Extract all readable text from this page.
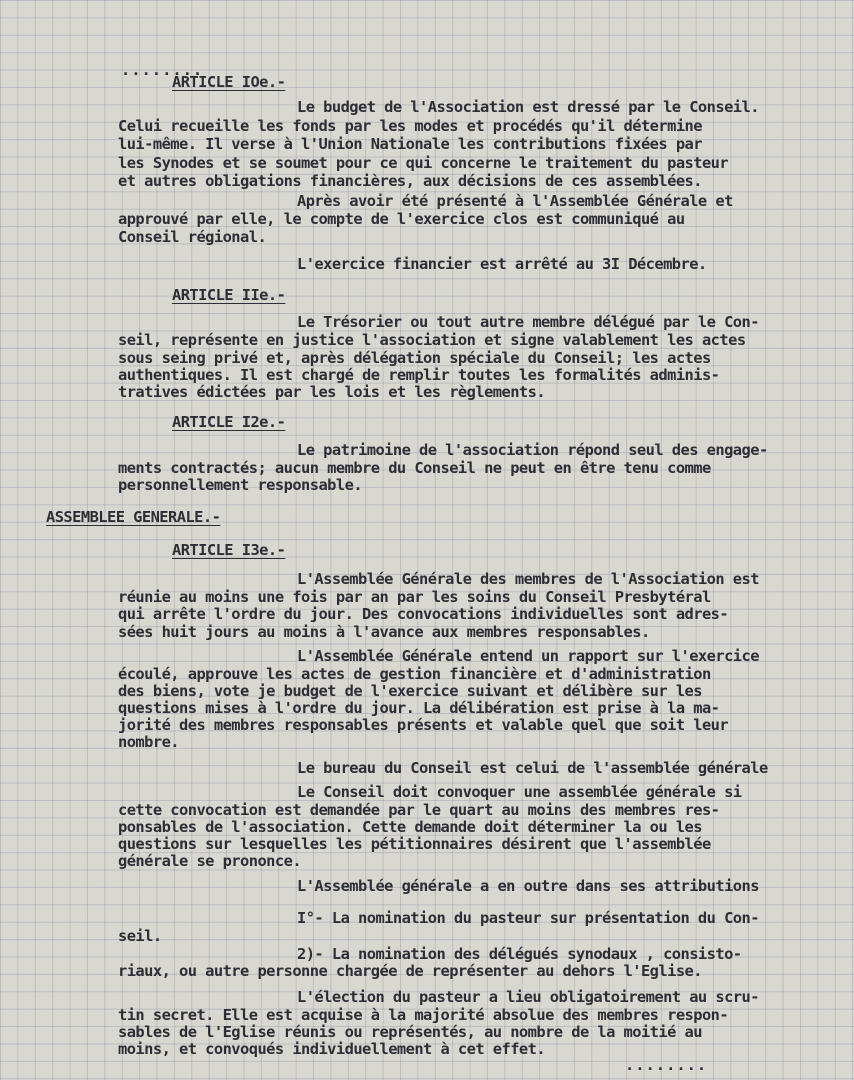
........
ARTICLE IOe.-
Le budget de l'Association est dressé par le Conseil.
Celui recueille les fonds par les modes et procédés qu'il détermine
lui-même. Il verse à l'Union Nationale les contributions fixées par
les Synodes et se soumet pour ce qui concerne le traitement du pasteur
et autres obligations financières, aux décisions de ces assemblées.
Après avoir été présenté à l'Assemblée Générale et
approuvé par elle, le compte de l'exercice clos est communiqué au
Conseil régional.
L'exercice financier est arrêté au 3I Décembre.
ARTICLE IIe.-
Le Trésorier ou tout autre membre délégué par le Con-
seil, représente en justice l'association et signe valablement les actes
sous seing privé et, après délégation spéciale du Conseil; les actes
authentiques. Il est chargé de remplir toutes les formalités adminis-
tratives édictées par les lois et les règlements.
ARTICLE I2e.-
Le patrimoine de l'association répond seul des engage-
ments contractés; aucun membre du Conseil ne peut en être tenu comme
personnellement responsable.
ASSEMBLEE GENERALE.-
ARTICLE I3e.-
L'Assemblée Générale des membres de l'Association est
réunie au moins une fois par an par les soins du Conseil Presbytéral
qui arrête l'ordre du jour. Des convocations individuelles sont adres-
sées huit jours au moins à l'avance aux membres responsables.
L'Assemblée Générale entend un rapport sur l'exercice
écoulé, approuve les actes de gestion financière et d'administration
des biens, vote je budget de l'exercice suivant et délibère sur les
questions mises à l'ordre du jour. La délibération est prise à la ma-
jorité des membres responsables présents et valable quel que soit leur
nombre.
Le bureau du Conseil est celui de l'assemblée générale
Le Conseil doit convoquer une assemblée générale si
cette convocation est demandée par le quart au moins des membres res-
ponsables de l'association. Cette demande doit déterminer la ou les
questions sur lesquelles les pétitionnaires désirent que l'assemblée
générale se prononce.
L'Assemblée générale a en outre dans ses attributions
I°- La nomination du pasteur sur présentation du Con-
seil.
2)- La nomination des délégués synodaux , consisto-
riaux, ou autre personne chargée de représenter au dehors l'Eglise.
L'élection du pasteur a lieu obligatoirement au scru-
tin secret. Elle est acquise à la majorité absolue des membres respon-
sables de l'Eglise réunis ou représentés, au nombre de la moitié au
moins, et convoqués individuellement à cet effet.
........
